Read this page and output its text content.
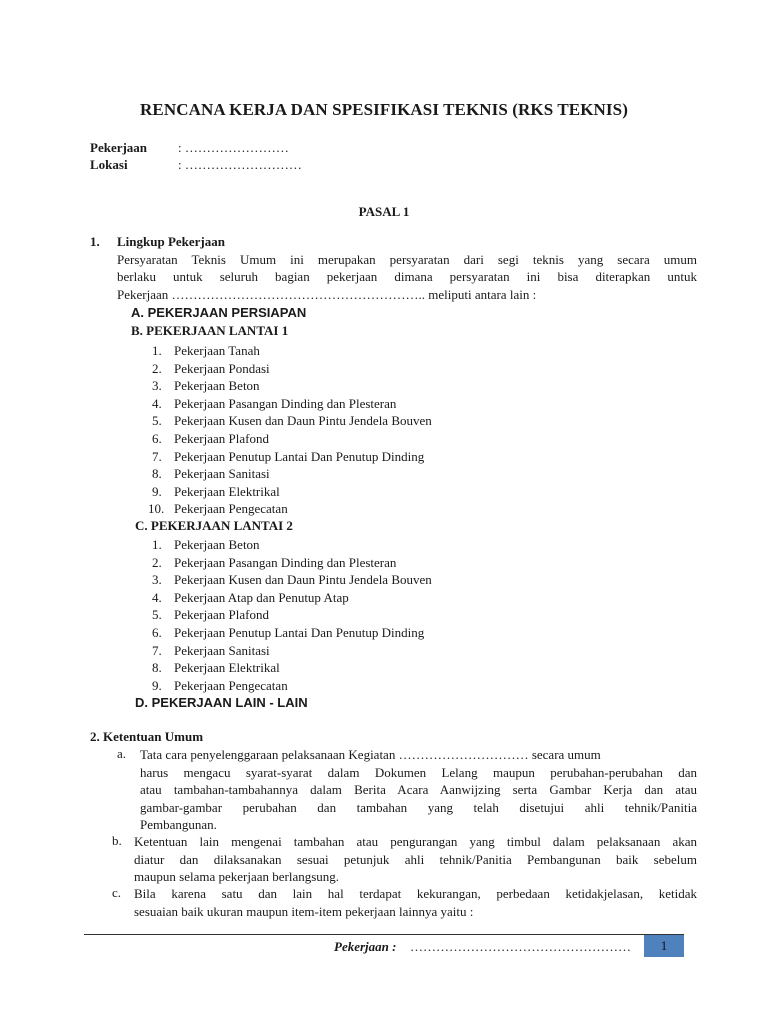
RENCANA KERJA DAN SPESIFIKASI TEKNIS (RKS TEKNIS)
Pekerjaan : ……………………
Lokasi	: ………………………
PASAL 1
1. Lingkup Pekerjaan
Persyaratan Teknis Umum ini merupakan persyaratan dari segi teknis yang secara umum
berlaku untuk seluruh bagian pekerjaan dimana persyaratan ini bisa diterapkan untuk
Pekerjaan ………………………………………………….. meliputi antara lain :
A. PEKERJAAN PERSIAPAN
B. PEKERJAAN LANTAI 1
1. Pekerjaan Tanah
2. Pekerjaan Pondasi
3. Pekerjaan Beton
4. Pekerjaan Pasangan Dinding dan Plesteran
5. Pekerjaan Kusen dan Daun Pintu Jendela Bouven
6. Pekerjaan Plafond
7. Pekerjaan Penutup Lantai Dan Penutup Dinding
8. Pekerjaan Sanitasi
9. Pekerjaan Elektrikal
10. Pekerjaan Pengecatan
C. PEKERJAAN LANTAI 2
1. Pekerjaan Beton
2. Pekerjaan Pasangan Dinding dan Plesteran
3. Pekerjaan Kusen dan Daun Pintu Jendela Bouven
4. Pekerjaan Atap dan Penutup Atap
5. Pekerjaan Plafond
6. Pekerjaan Penutup Lantai Dan Penutup Dinding
7. Pekerjaan Sanitasi
8. Pekerjaan Elektrikal
9. Pekerjaan Pengecatan
D. PEKERJAAN LAIN - LAIN
2. Ketentuan Umum
a. Tata cara penyelenggaraan pelaksanaan Kegiatan ………………………… secara umum
harus mengacu syarat-syarat dalam Dokumen Lelang maupun perubahan-perubahan dan
atau tambahan-tambahannya dalam Berita Acara Aanwijzing serta Gambar Kerja dan atau
gambar-gambar perubahan dan tambahan yang telah disetujui ahli tehnik/Panitia
Pembangunan.
b. Ketentuan lain mengenai tambahan atau pengurangan yang timbul dalam pelaksanaan akan
diatur dan dilaksanakan sesuai petunjuk ahli tehnik/Panitia Pembangunan baik sebelum
maupun selama pekerjaan berlangsung.
c. Bila karena satu dan lain hal terdapat kekurangan, perbedaan ketidakjelasan, ketidak
sesuaian baik ukuran maupun item-item pekerjaan lainnya yaitu :
Pekerjaan : ……………………………………………	1
